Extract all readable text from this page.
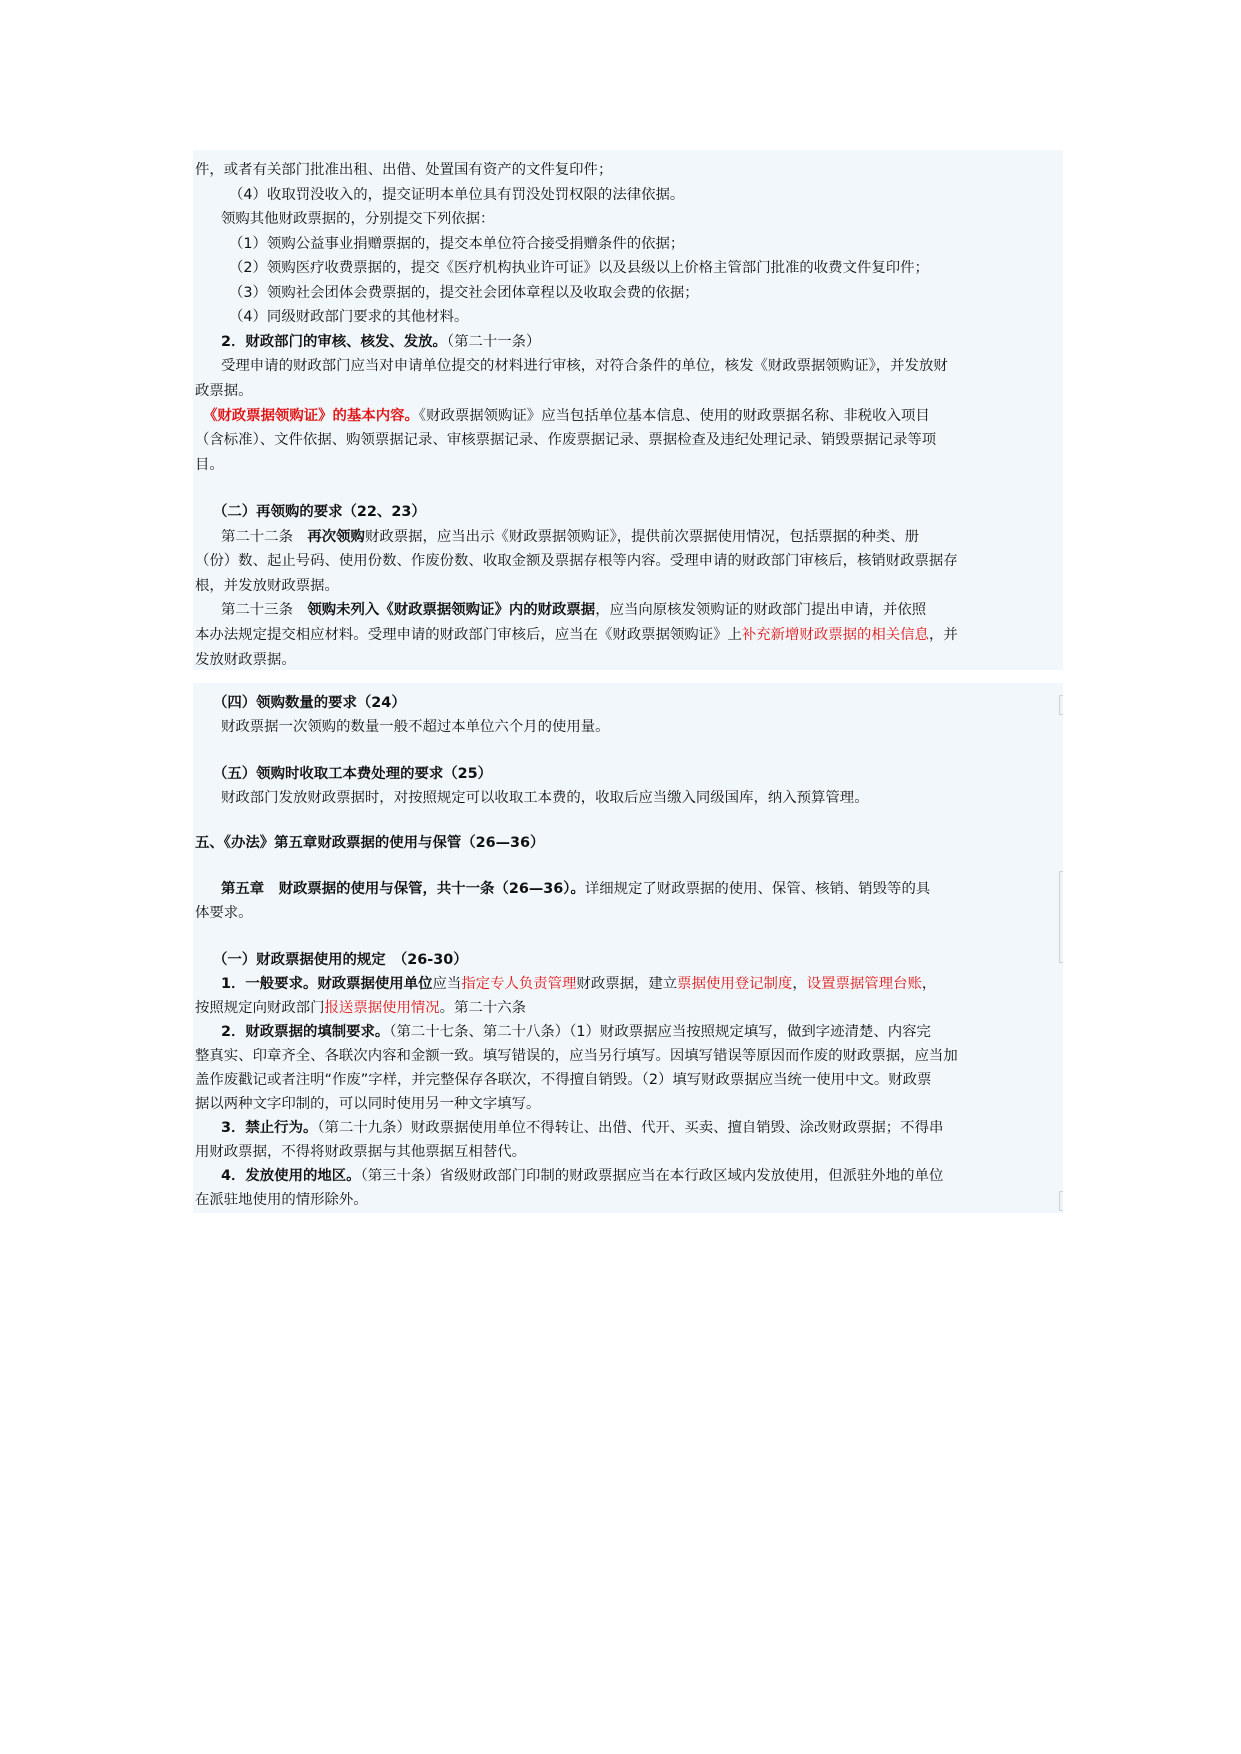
件，或者有关部门批准出租、出借、处置国有资产的文件复印件；
（4）收取罚没收入的，提交证明本单位具有罚没处罚权限的法律依据。
领购其他财政票据的，分别提交下列依据：
（1）领购公益事业捐赠票据的，提交本单位符合接受捐赠条件的依据；
（2）领购医疗收费票据的，提交《医疗机构执业许可证》以及县级以上价格主管部门批准的收费文件复印件；
（3）领购社会团体会费票据的，提交社会团体章程以及收取会费的依据；
（4）同级财政部门要求的其他材料。
2．财政部门的审核、核发、发放。（第二十一条）
受理申请的财政部门应当对申请单位提交的材料进行审核，对符合条件的单位，核发《财政票据领购证》，并发放财
政票据。
《财政票据领购证》的基本内容。《财政票据领购证》应当包括单位基本信息、使用的财政票据名称、非税收入项目
（含标准）、文件依据、购领票据记录、审核票据记录、作废票据记录、票据检查及违纪处理记录、销毁票据记录等项
目。
（二）再领购的要求（22、23）
第二十二条　再次领购财政票据，应当出示《财政票据领购证》，提供前次票据使用情况，包括票据的种类、册
（份）数、起止号码、使用份数、作废份数、收取金额及票据存根等内容。受理申请的财政部门审核后，核销财政票据存
根，并发放财政票据。
第二十三条　领购未列入《财政票据领购证》内的财政票据，应当向原核发领购证的财政部门提出申请，并依照
本办法规定提交相应材料。受理申请的财政部门审核后，应当在《财政票据领购证》上补充新增财政票据的相关信息，并
发放财政票据。
（四）领购数量的要求（24）
财政票据一次领购的数量一般不超过本单位六个月的使用量。
（五）领购时收取工本费处理的要求（25）
财政部门发放财政票据时，对按照规定可以收取工本费的，收取后应当缴入同级国库，纳入预算管理。
五、《办法》第五章财政票据的使用与保管（26—36）
第五章　财政票据的使用与保管，共十一条（26—36）。详细规定了财政票据的使用、保管、核销、销毁等的具
体要求。
（一）财政票据使用的规定　（26-30）
1．一般要求。财政票据使用单位应当指定专人负责管理财政票据，建立票据使用登记制度，设置票据管理台账，
按照规定向财政部门报送票据使用情况。第二十六条
2．财政票据的填制要求。（第二十七条、第二十八条）（1）财政票据应当按照规定填写，做到字迹清楚、内容完
整真实、印章齐全、各联次内容和金额一致。填写错误的，应当另行填写。因填写错误等原因而作废的财政票据，应当加
盖作废戳记或者注明“作废”字样，并完整保存各联次，不得擅自销毁。（2）填写财政票据应当统一使用中文。财政票
据以两种文字印制的，可以同时使用另一种文字填写。
3．禁止行为。（第二十九条）财政票据使用单位不得转让、出借、代开、买卖、擅自销毁、涂改财政票据；不得串
用财政票据，不得将财政票据与其他票据互相替代。
4．发放使用的地区。（第三十条）省级财政部门印制的财政票据应当在本行政区域内发放使用，但派驻外地的单位
在派驻地使用的情形除外。
